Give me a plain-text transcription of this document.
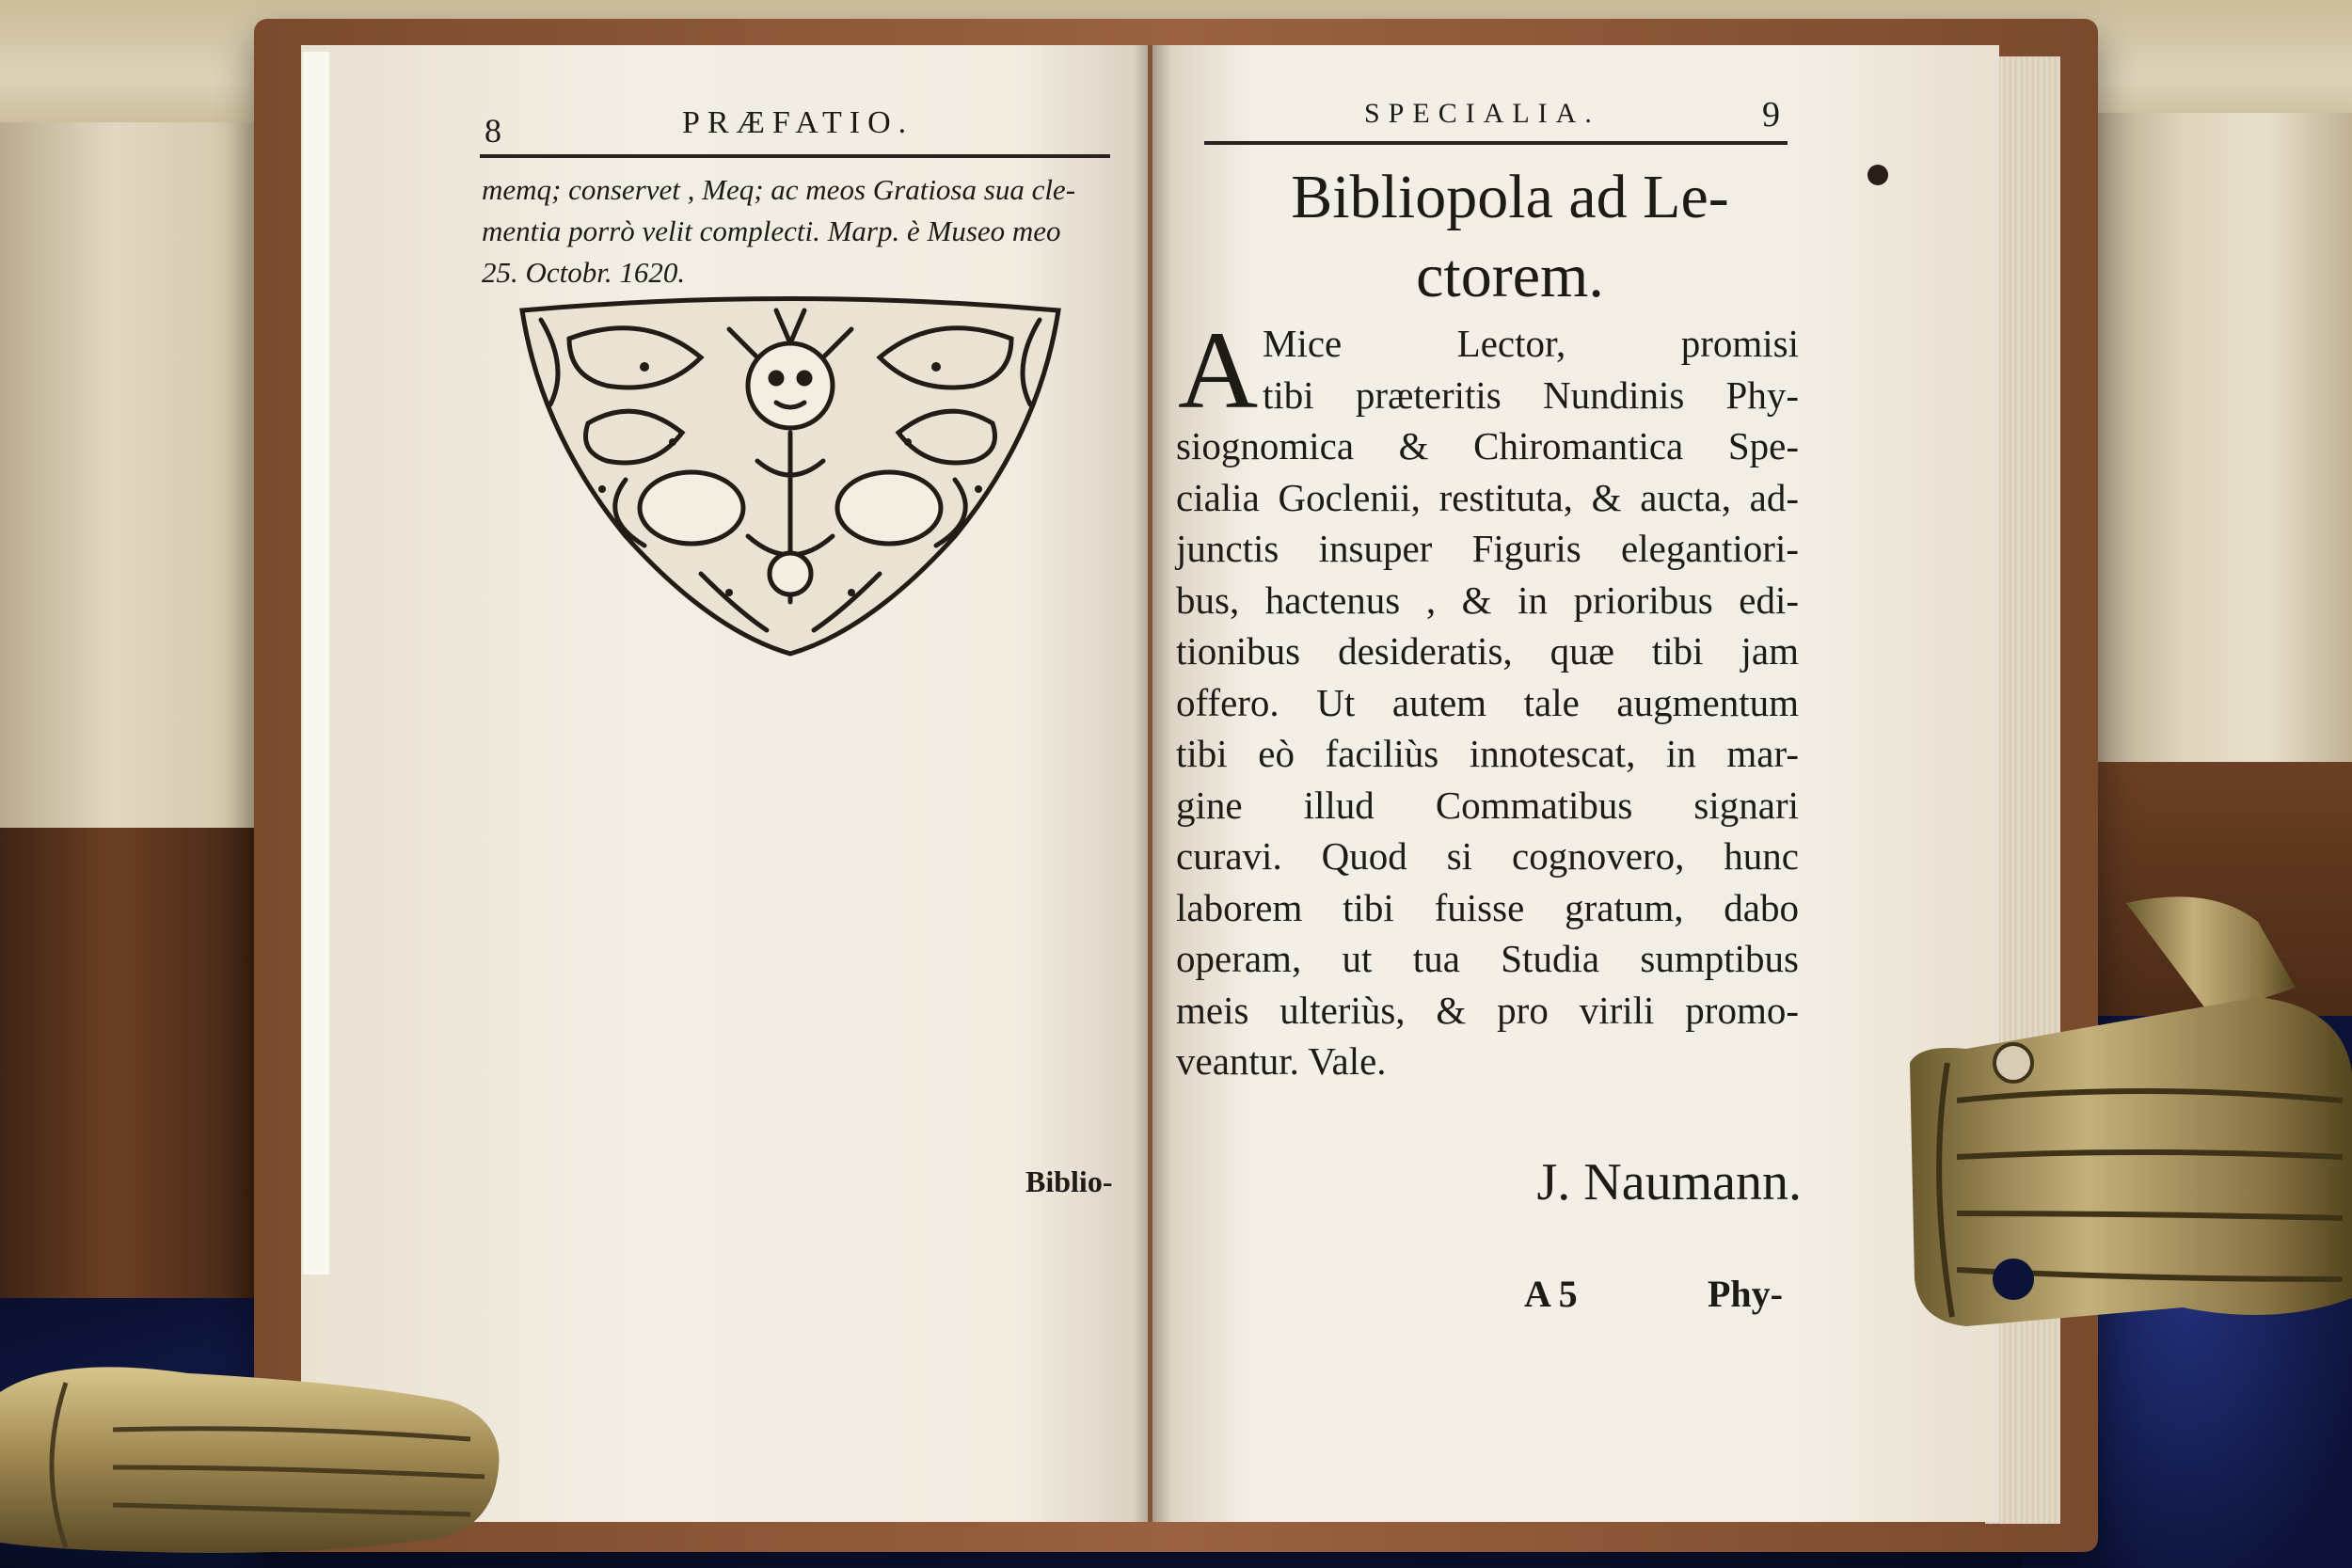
8	PRÆFATIO.
memq; conservet , Meq; ac meos Gratiosa sua cle-
mentia porrò velit complecti. Marp. è Museo meo
25. Octobr. 1620.
Biblio-
SPECIALIA.	9
Bibliopola ad Le-
ctorem.
A Mice Lector, promisi
tibi præteritis Nundinis Phy-
siognomica & Chiromantica Spe-
cialia Goclenii, restituta, & aucta, ad-
junctis insuper Figuris elegantiori-
bus, hactenus , & in prioribus edi-
tionibus desideratis, quæ tibi jam
offero. Ut autem tale augmentum
tibi eò faciliùs innotescat, in mar-
gine illud Commatibus signari
curavi. Quod si cognovero, hunc
laborem tibi fuisse gratum, dabo
operam, ut tua Studia sumptibus
meis ulteriùs, & pro virili promo-
veantur. Vale.
J. Naumann.
A 5	Phy-
